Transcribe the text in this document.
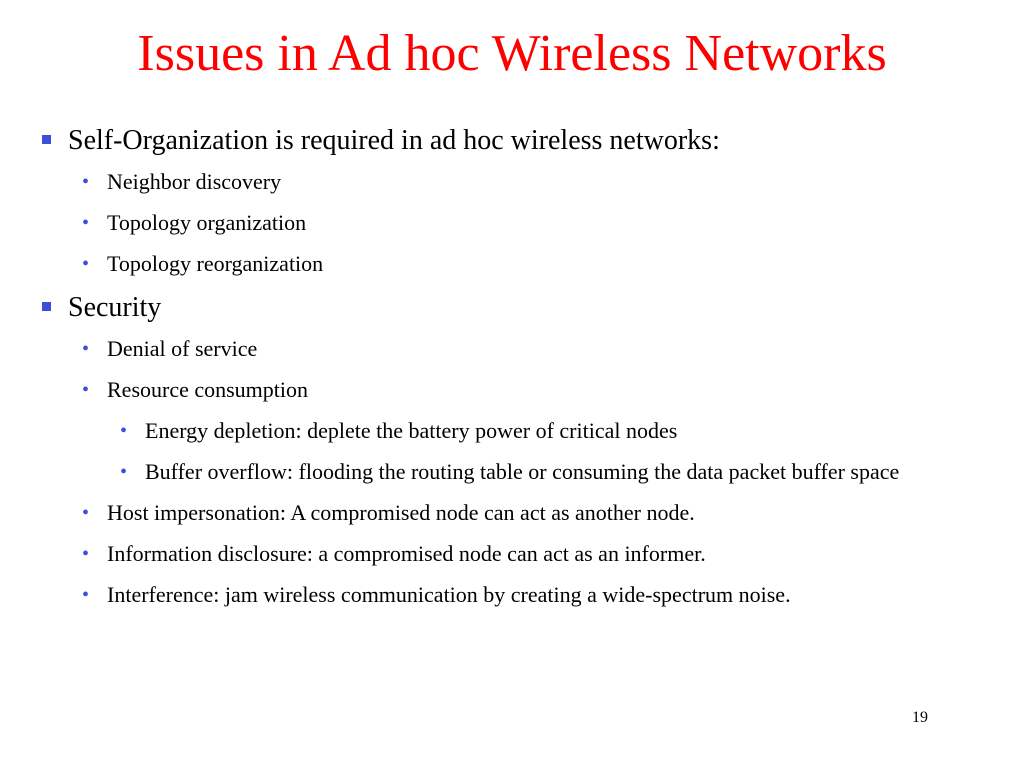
Issues in Ad hoc Wireless Networks
Self-Organization is required in ad hoc wireless networks:
• Neighbor discovery
• Topology organization
• Topology reorganization
Security
• Denial of service
• Resource consumption
• Energy depletion: deplete the battery power of critical nodes
• Buffer overflow: flooding the routing table or consuming the data packet buffer space
• Host impersonation: A compromised node can act as another node.
• Information disclosure: a compromised node can act as an informer.
• Interference: jam wireless communication by creating a wide-spectrum noise.
19
